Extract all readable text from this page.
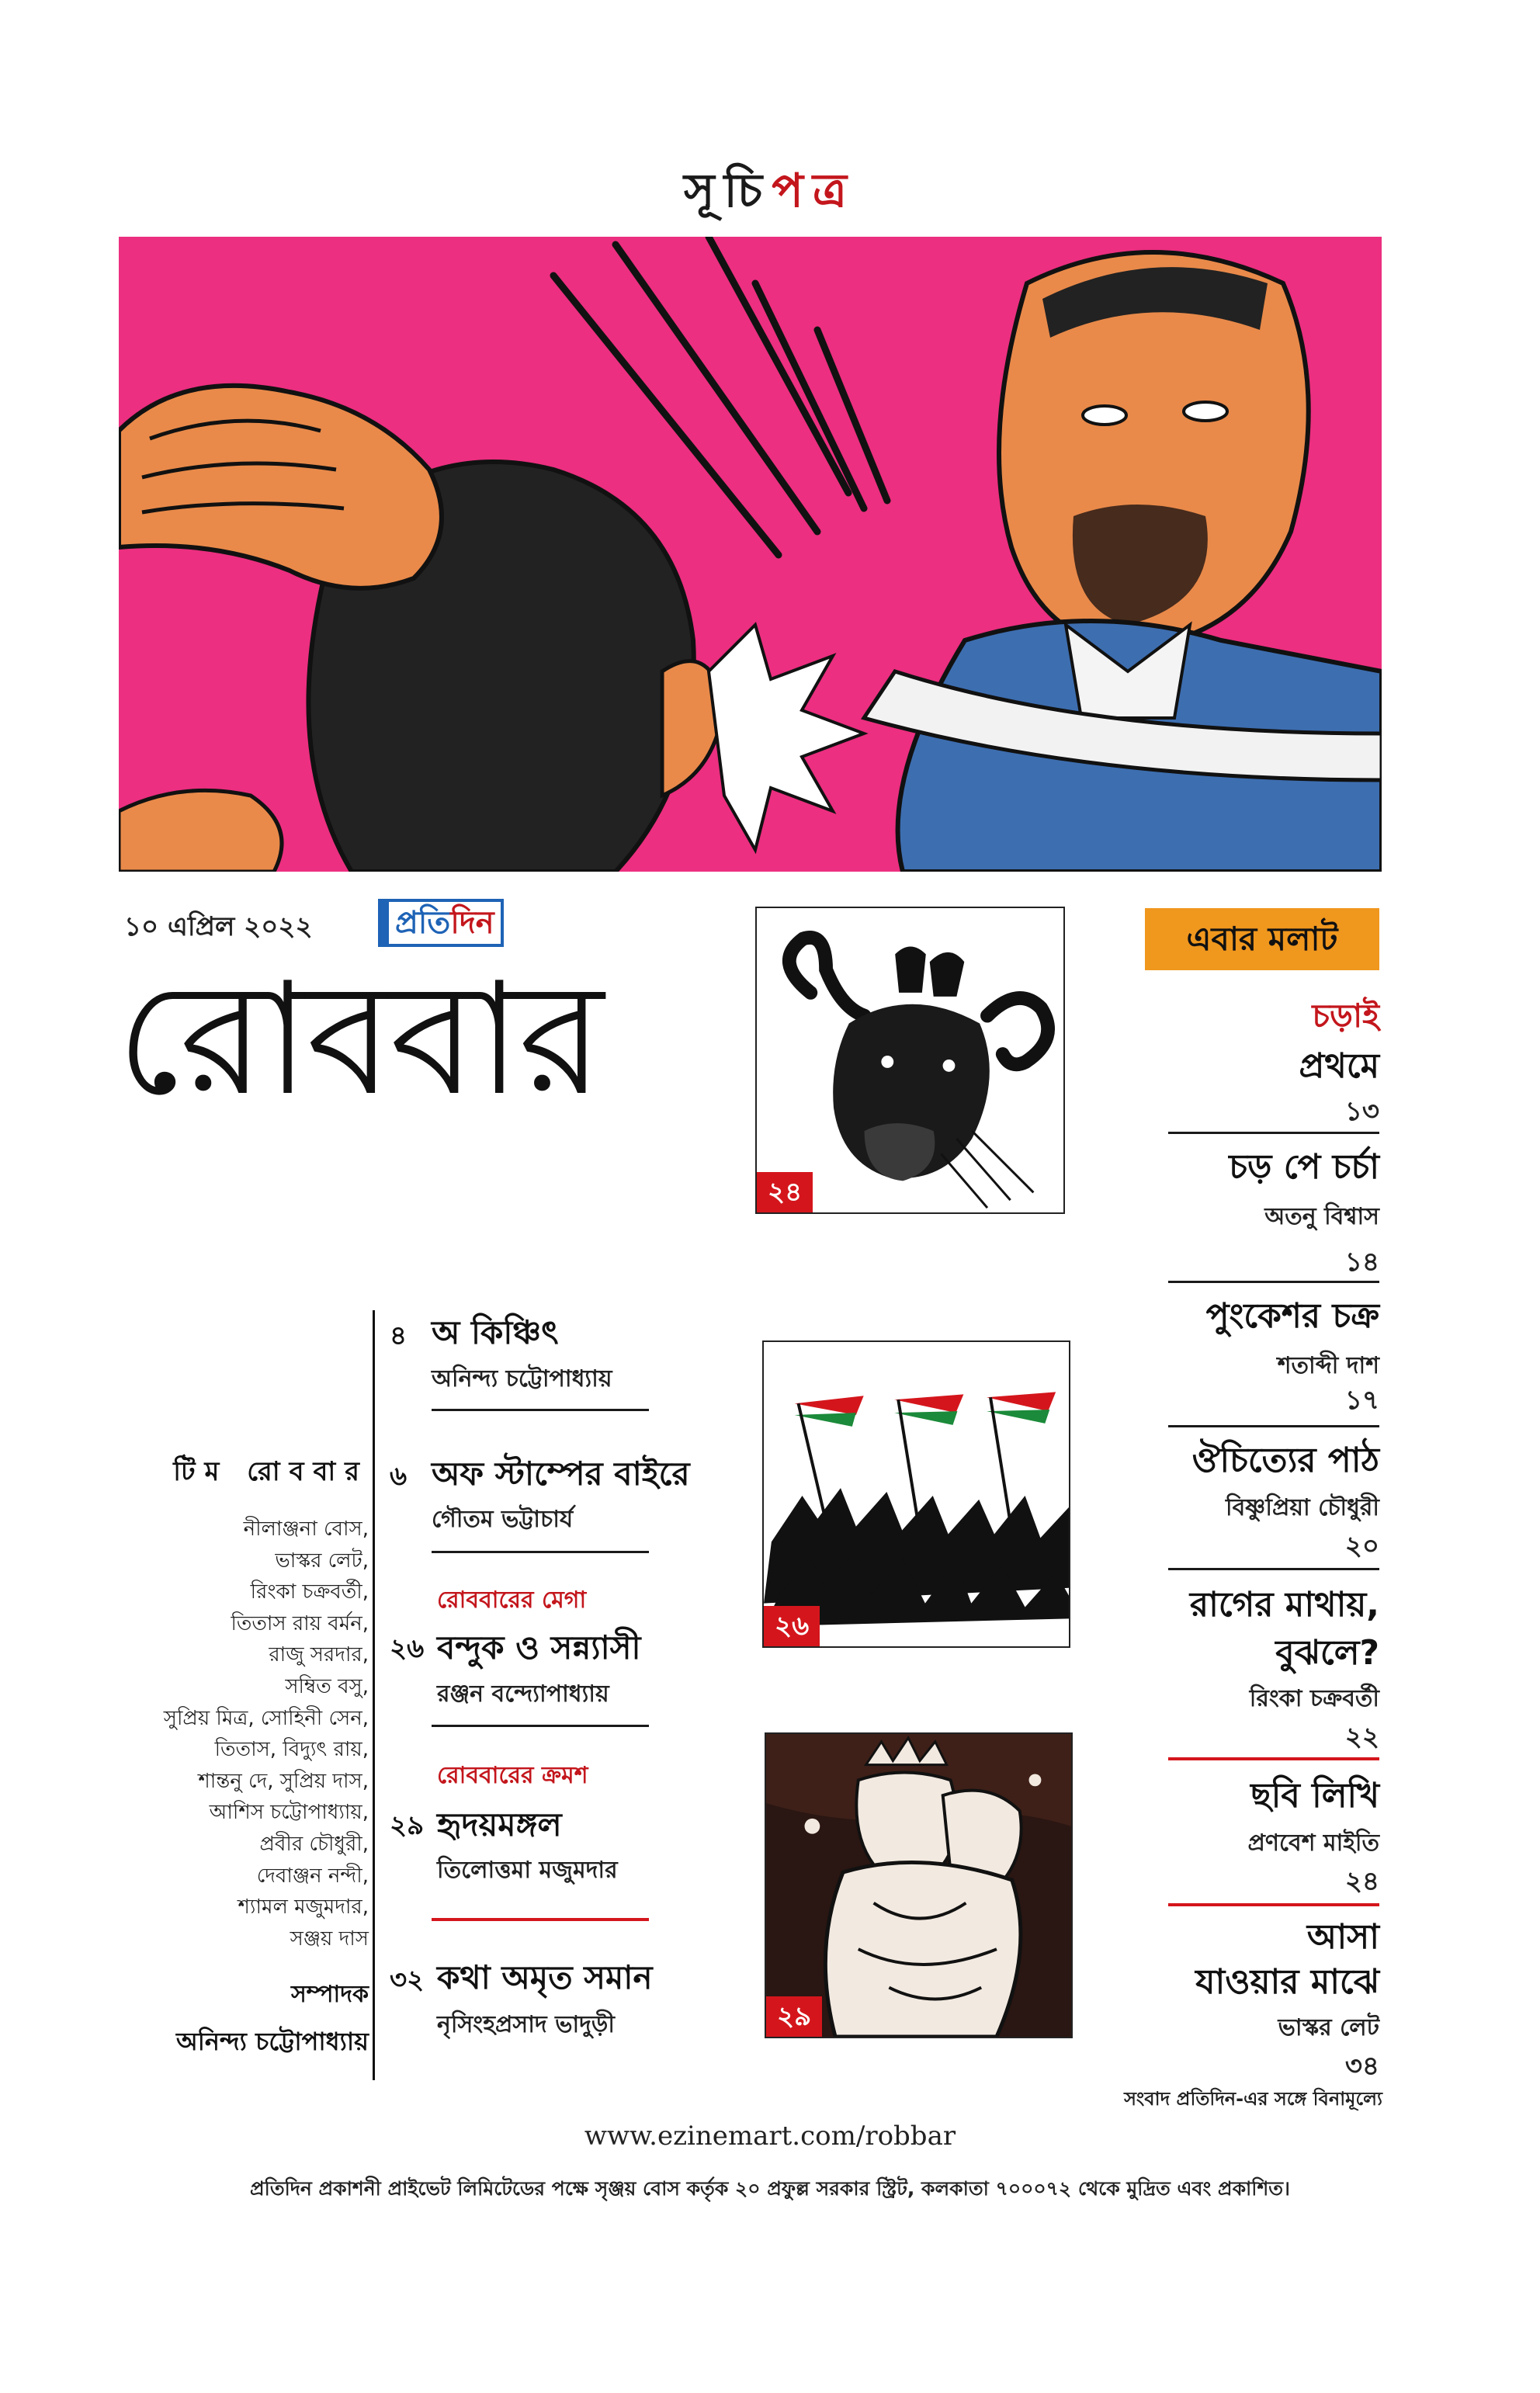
সূচিপত্র
১০ এপ্রিল ২০২২	প্রতিদিন
রোববার
২৪
২৬
২৯
টিম রোববার
নীলাঞ্জনা বোস,
ভাস্কর লেট,
রিংকা চক্রবর্তী,
তিতাস রায় বর্মন,
রাজু সরদার,
সম্বিত বসু,
সুপ্রিয় মিত্র, সোহিনী সেন,
তিতাস, বিদ্যুৎ রায়,
শান্তনু দে, সুপ্রিয় দাস,
আশিস চট্টোপাধ্যায়,
প্রবীর চৌধুরী,
দেবাঞ্জন নন্দী,
শ্যামল মজুমদার,
সঞ্জয় দাস
সম্পাদক
অনিন্দ্য চট্টোপাধ্যায়
৪ অ কিঞ্চিৎ
অনিন্দ্য চট্টোপাধ্যায়
৬ অফ স্টাম্পের বাইরে
গৌতম ভট্টাচার্য
রোববারের মেগা
২৬ বন্দুক ও সন্ন্যাসী
রঞ্জন বন্দ্যোপাধ্যায়
রোববারের ক্রমশ
২৯ হৃদয়মঙ্গল
তিলোত্তমা মজুমদার
৩২ কথা অমৃত সমান
নৃসিংহপ্রসাদ ভাদুড়ী
এবার মলাট
চড়াই
প্রথমে
১৩
চড় পে চর্চা
অতনু বিশ্বাস
১৪
পুংকেশর চক্র
শতাব্দী দাশ
১৭
ঔচিত্যের পাঠ
বিষ্ণুপ্রিয়া চৌধুরী
২০
রাগের মাথায়,
বুঝলে?
রিংকা চক্রবর্তী
২২
ছবি লিখি
প্রণবেশ মাইতি
২৪
আসা
যাওয়ার মাঝে
ভাস্কর লেট
৩৪
সংবাদ প্রতিদিন-এর সঙ্গে বিনামূল্যে
www.ezinemart.com/robbar
প্রতিদিন প্রকাশনী প্রাইভেট লিমিটেডের পক্ষে সৃঞ্জয় বোস কর্তৃক ২০ প্রফুল্ল সরকার স্ট্রিট, কলকাতা ৭০০০৭২ থেকে মুদ্রিত এবং প্রকাশিত।
